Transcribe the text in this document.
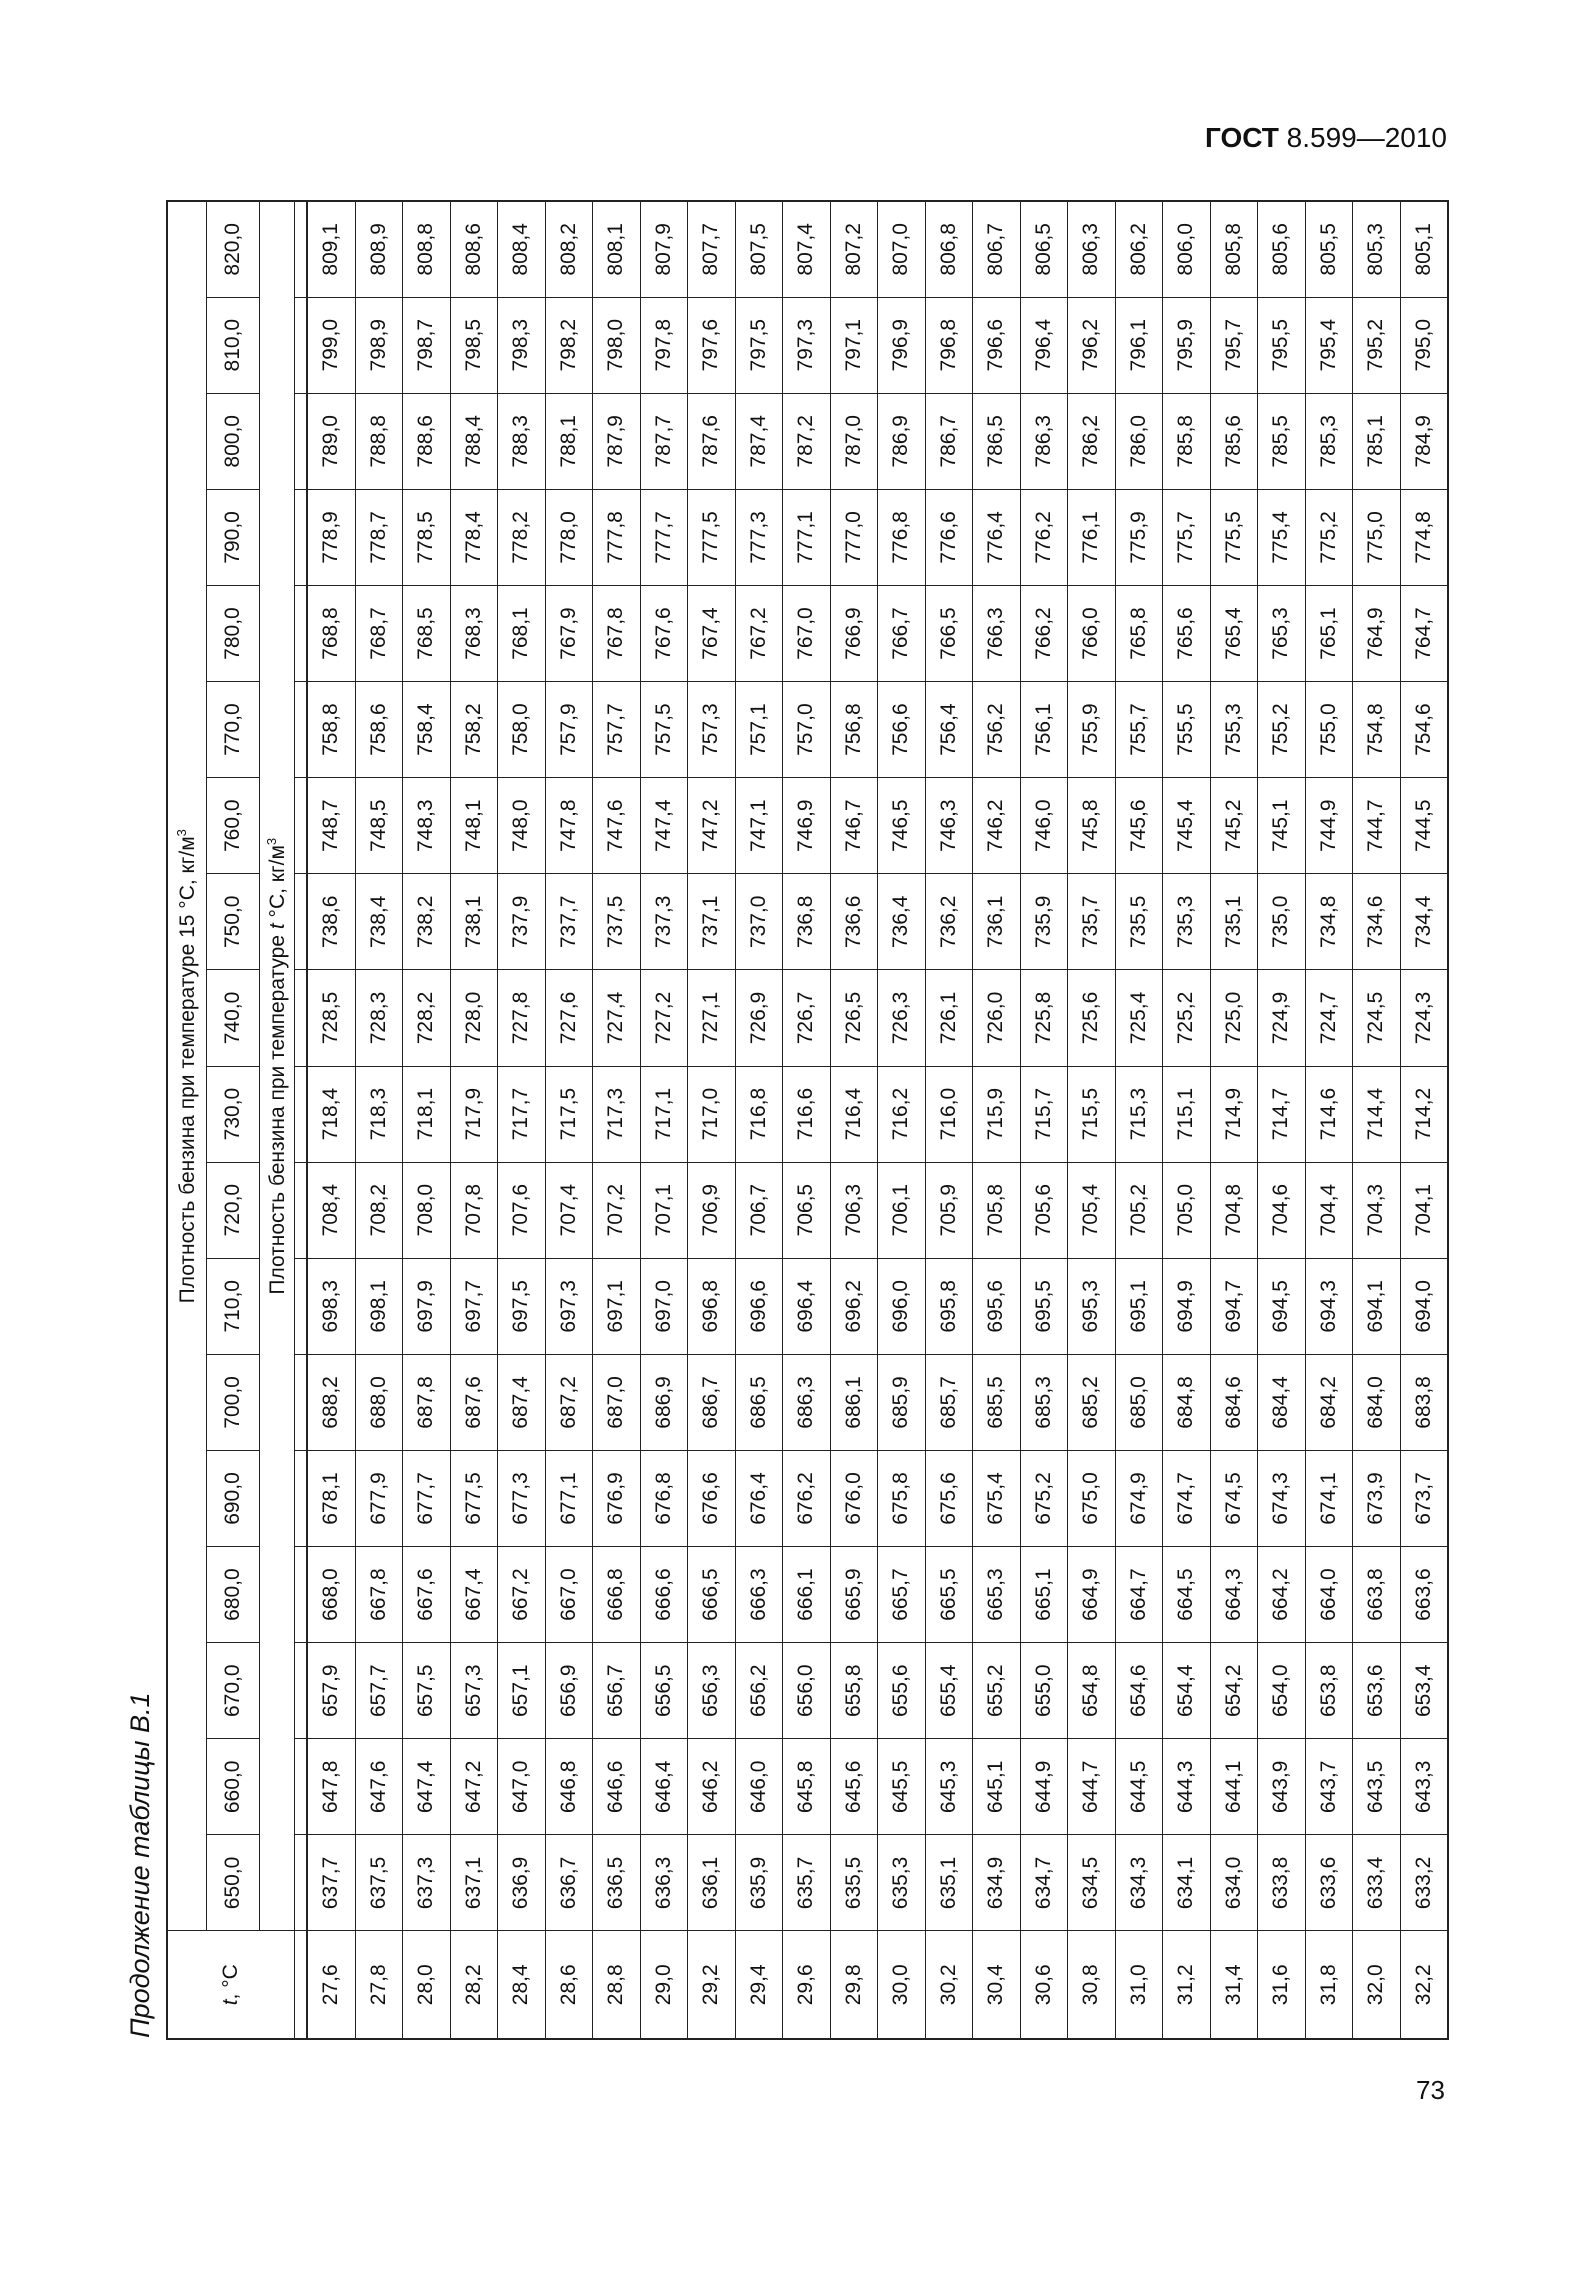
ГОСТ 8.599—2010
73
Продолжение таблицы В.1	t, °C	Плотность бензина при температуре 15 °С, $кг/м^3$
	650,0	660,0	670,0	680,0	690,0	700,0	710,0	720,0	730,0	740,0	750,0	760,0	770,0	780,0	790,0	800,0	810,0	820,0
	Плотность бензина при температуре t °С, $кг/м^3$

27,6	637,7	647,8	657,9	668,0	678,1	688,2	698,3	708,4	718,4	728,5	738,6	748,7	758,8	768,8	778,9	789,0	799,0	809,1
27,8	637,5	647,6	657,7	667,8	677,9	688,0	698,1	708,2	718,3	728,3	738,4	748,5	758,6	768,7	778,7	788,8	798,9	808,9
28,0	637,3	647,4	657,5	667,6	677,7	687,8	697,9	708,0	718,1	728,2	738,2	748,3	758,4	768,5	778,5	788,6	798,7	808,8
28,2	637,1	647,2	657,3	667,4	677,5	687,6	697,7	707,8	717,9	728,0	738,1	748,1	758,2	768,3	778,4	788,4	798,5	808,6
28,4	636,9	647,0	657,1	667,2	677,3	687,4	697,5	707,6	717,7	727,8	737,9	748,0	758,0	768,1	778,2	788,3	798,3	808,4
28,6	636,7	646,8	656,9	667,0	677,1	687,2	697,3	707,4	717,5	727,6	737,7	747,8	757,9	767,9	778,0	788,1	798,2	808,2
28,8	636,5	646,6	656,7	666,8	676,9	687,0	697,1	707,2	717,3	727,4	737,5	747,6	757,7	767,8	777,8	787,9	798,0	808,1
29,0	636,3	646,4	656,5	666,6	676,8	686,9	697,0	707,1	717,1	727,2	737,3	747,4	757,5	767,6	777,7	787,7	797,8	807,9
29,2	636,1	646,2	656,3	666,5	676,6	686,7	696,8	706,9	717,0	727,1	737,1	747,2	757,3	767,4	777,5	787,6	797,6	807,7
29,4	635,9	646,0	656,2	666,3	676,4	686,5	696,6	706,7	716,8	726,9	737,0	747,1	757,1	767,2	777,3	787,4	797,5	807,5
29,6	635,7	645,8	656,0	666,1	676,2	686,3	696,4	706,5	716,6	726,7	736,8	746,9	757,0	767,0	777,1	787,2	797,3	807,4
29,8	635,5	645,6	655,8	665,9	676,0	686,1	696,2	706,3	716,4	726,5	736,6	746,7	756,8	766,9	777,0	787,0	797,1	807,2
30,0	635,3	645,5	655,6	665,7	675,8	685,9	696,0	706,1	716,2	726,3	736,4	746,5	756,6	766,7	776,8	786,9	796,9	807,0
30,2	635,1	645,3	655,4	665,5	675,6	685,7	695,8	705,9	716,0	726,1	736,2	746,3	756,4	766,5	776,6	786,7	796,8	806,8
30,4	634,9	645,1	655,2	665,3	675,4	685,5	695,6	705,8	715,9	726,0	736,1	746,2	756,2	766,3	776,4	786,5	796,6	806,7
30,6	634,7	644,9	655,0	665,1	675,2	685,3	695,5	705,6	715,7	725,8	735,9	746,0	756,1	766,2	776,2	786,3	796,4	806,5
30,8	634,5	644,7	654,8	664,9	675,0	685,2	695,3	705,4	715,5	725,6	735,7	745,8	755,9	766,0	776,1	786,2	796,2	806,3
31,0	634,3	644,5	654,6	664,7	674,9	685,0	695,1	705,2	715,3	725,4	735,5	745,6	755,7	765,8	775,9	786,0	796,1	806,2
31,2	634,1	644,3	654,4	664,5	674,7	684,8	694,9	705,0	715,1	725,2	735,3	745,4	755,5	765,6	775,7	785,8	795,9	806,0
31,4	634,0	644,1	654,2	664,3	674,5	684,6	694,7	704,8	714,9	725,0	735,1	745,2	755,3	765,4	775,5	785,6	795,7	805,8
31,6	633,8	643,9	654,0	664,2	674,3	684,4	694,5	704,6	714,7	724,9	735,0	745,1	755,2	765,3	775,4	785,5	795,5	805,6
31,8	633,6	643,7	653,8	664,0	674,1	684,2	694,3	704,4	714,6	724,7	734,8	744,9	755,0	765,1	775,2	785,3	795,4	805,5
32,0	633,4	643,5	653,6	663,8	673,9	684,0	694,1	704,3	714,4	724,5	734,6	744,7	754,8	764,9	775,0	785,1	795,2	805,3
32,2	633,2	643,3	653,4	663,6	673,7	683,8	694,0	704,1	714,2	724,3	734,4	744,5	754,6	764,7	774,8	784,9	795,0	805,1
